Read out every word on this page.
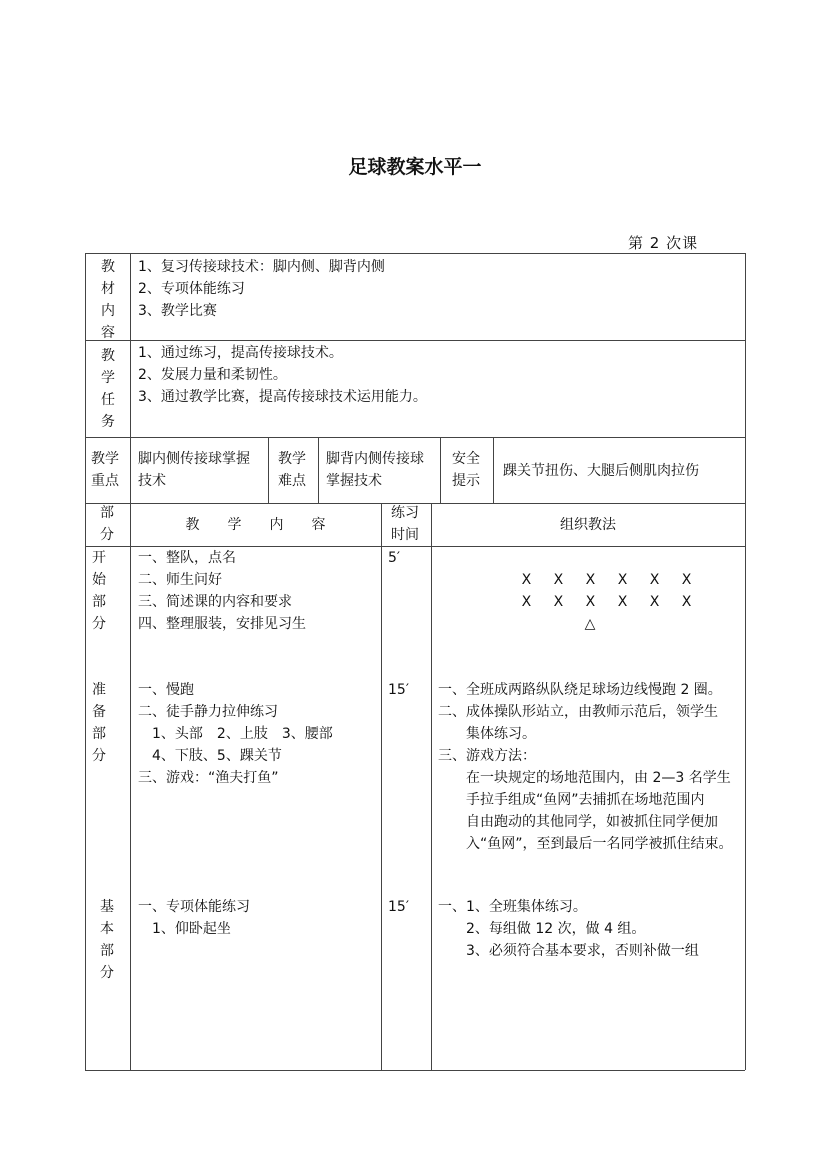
足球教案水平一
第 2 次课
教
材
内
容
1、复习传接球技术：脚内侧、脚背内侧
2、专项体能练习
3、教学比赛
教
学
任
务
1、通过练习，提高传接球技术。
2、发展力量和柔韧性。
3、通过教学比赛，提高传接球技术运用能力。
教学
重点
脚内侧传接球掌握
技术
教学
难点
脚背内侧传接球
掌握技术
安全
提示
踝关节扭伤、大腿后侧肌肉拉伤
部
分
教　　学　　内　　容
练习
时间
组织教法
开
始
部
分
一、整队，点名
二、师生问好
三、简述课的内容和要求
四、整理服装，安排见习生
5′
X X X X X X
X X X X X X
△
准
备
部
分
一、慢跑
二、徒手静力拉伸练习
　1、头部　2、上肢　3、腰部
　4、下肢、5、踝关节
三、游戏：“渔夫打鱼”
15′ 一、全班成两路纵队绕足球场边线慢跑 2 圈。
二、成体操队形站立，由教师示范后，领学生
　　集体练习。
三、游戏方法：
　　在一块规定的场地范围内，由 2—3 名学生
　　手拉手组成“鱼网”去捕抓在场地范围内
　　自由跑动的其他同学，如被抓住同学便加
　　入“鱼网”，至到最后一名同学被抓住结束。
基
本
部
分
一、专项体能练习
　1、仰卧起坐
15′ 一、1、全班集体练习。
　　2、每组做 12 次，做 4 组。
　　3、必须符合基本要求，否则补做一组
